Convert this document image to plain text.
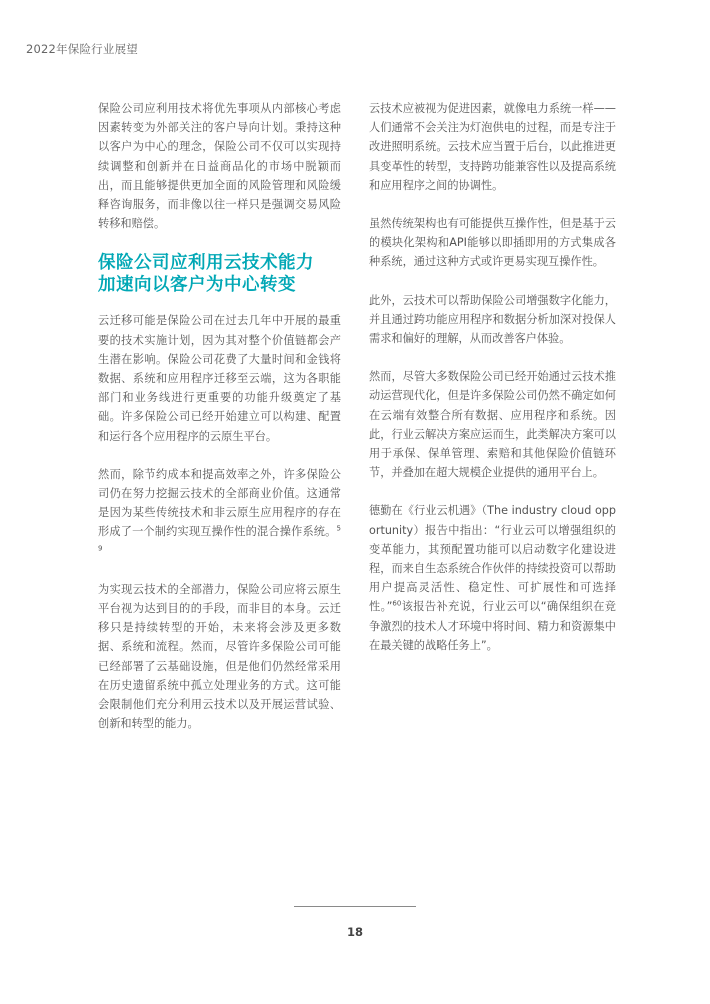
2022年保险行业展望

保险公司应利用技术将优先事项从内部核心考虑因素转变为外部关注的客户导向计划。秉持这种以客户为中心的理念，保险公司不仅可以实现持续调整和创新并在日益商品化的市场中脱颖而出，而且能够提供更加全面的风险管理和风险缓释咨询服务，而非像以往一样只是强调交易风险转移和赔偿。

保险公司应利用云技术能力
加速向以客户为中心转变

云迁移可能是保险公司在过去几年中开展的最重要的技术实施计划，因为其对整个价值链都会产生潜在影响。保险公司花费了大量时间和金钱将数据、系统和应用程序迁移至云端，这为各职能部门和业务线进行更重要的功能升级奠定了基础。许多保险公司已经开始建立可以构建、配置和运行各个应用程序的云原生平台。

然而，除节约成本和提高效率之外，许多保险公司仍在努力挖掘云技术的全部商业价值。这通常是因为某些传统技术和非云原生应用程序的存在形成了一个制约实现互操作性的混合操作系统。$^{59}$

为实现云技术的全部潜力，保险公司应将云原生平台视为达到目的的手段，而非目的本身。云迁移只是持续转型的开始，未来将会涉及更多数据、系统和流程。然而，尽管许多保险公司可能已经部署了云基础设施，但是他们仍然经常采用在历史遗留系统中孤立处理业务的方式。这可能会限制他们充分利用云技术以及开展运营试验、创新和转型的能力。

云技术应被视为促进因素，就像电力系统一样——人们通常不会关注为灯泡供电的过程，而是专注于改进照明系统。云技术应当置于后台，以此推进更具变革性的转型，支持跨功能兼容性以及提高系统和应用程序之间的协调性。

虽然传统架构也有可能提供互操作性，但是基于云的模块化架构和API能够以即插即用的方式集成各种系统，通过这种方式或许更易实现互操作性。

此外，云技术可以帮助保险公司增强数字化能力，并且通过跨功能应用程序和数据分析加深对投保人需求和偏好的理解，从而改善客户体验。

然而，尽管大多数保险公司已经开始通过云技术推动运营现代化，但是许多保险公司仍然不确定如何在云端有效整合所有数据、应用程序和系统。因此，行业云解决方案应运而生，此类解决方案可以用于承保、保单管理、索赔和其他保险价值链环节，并叠加在超大规模企业提供的通用平台上。

德勤在《行业云机遇》（The industry cloud opportunity）报告中指出：“行业云可以增强组织的变革能力，其预配置功能可以启动数字化建设进程，而来自生态系统合作伙伴的持续投资可以帮助用户提高灵活性、稳定性、可扩展性和可选择性。”$^{60}$该报告补充说，行业云可以“确保组织在竞争激烈的技术人才环境中将时间、精力和资源集中在最关键的战略任务上”。

18
